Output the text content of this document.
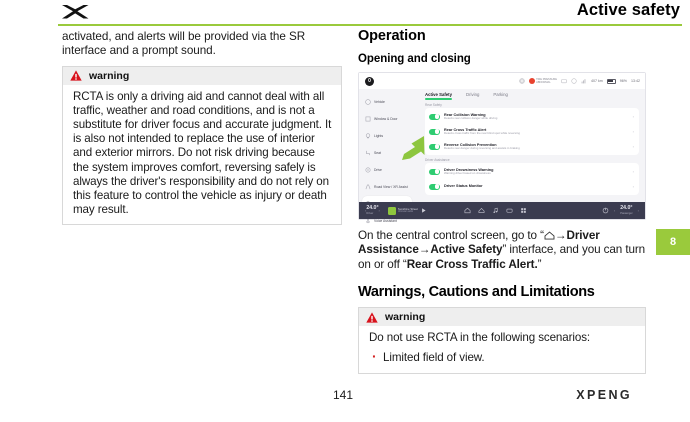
Active safety
activated, and alerts will be provided via the SR interface and a prompt sound.
warning
RCTA is only a driving aid and cannot deal with all traffic, weather and road conditions, and is not a substitute for driver focus and accurate judgment. It is also not intended to replace the use of interior and exterior mirrors. Do not risk driving because the system improves comfort, reversing safely is always the driver's responsibility and do not rely on this feature to control the vehicle as injury or death may result.
Operation
Opening and closing
0	TIRE PRESSURE
ABNORMAL	407 km	96% 13:42
Vehicle
Window & Door
Lights
Seat
Drive
Road View / XR Assist
Voice Assistant
Active Safety	Driving	Parking
Rear Safety
Rear Collision Warning
Detects rear collision danger while driving	›
Rear Cross Traffic Alert
Detects cross traffic from the rear blind spot while reversing	›
Reverse Collision Prevention
Detects rear danger during reversing and assists in braking	›
Driver Assistance
Driver Drowsiness Warning
Warning driver based on drowsiness	›
Driver Status Monitor	›
‹ 24.0°
Driver
›	Sunshine Street
Unknown artist	‹ 24.0°
Passenger
›
On the central control screen, go to “ →Driver Assistance→Active Safety” interface, and you can turn on or off “Rear Cross Traffic Alert.”
Warnings, Cautions and Limitations
warning
Do not use RCTA in the following scenarios:
· Limited field of view.
8
141	XPENG
